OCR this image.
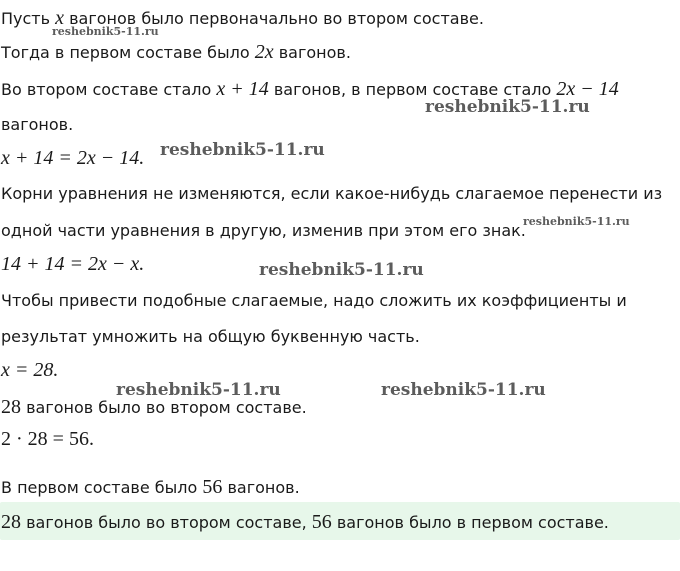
Пусть x вагонов было первоначально во втором составе.
Тогда в первом составе было 2x вагонов.
Во втором составе стало x + 14 вагонов, в первом составе стало 2x − 14
вагонов.
x + 14 = 2x − 14.
Корни уравнения не изменяются, если какое-нибудь слагаемое перенести из
одной части уравнения в другую, изменив при этом его знак.
14 + 14 = 2x − x.
Чтобы привести подобные слагаемые, надо сложить их коэффициенты и
результат умножить на общую буквенную часть.
x = 28.
28 вагонов было во втором составе.
2 · 28 = 56.
В первом составе было 56 вагонов.
28 вагонов было во втором составе, 56 вагонов было в первом составе.
reshebnik5-11.ru
reshebnik5-11.ru
reshebnik5-11.ru
reshebnik5-11.ru
reshebnik5-11.ru
reshebnik5-11.ru	reshebnik5-11.ru
